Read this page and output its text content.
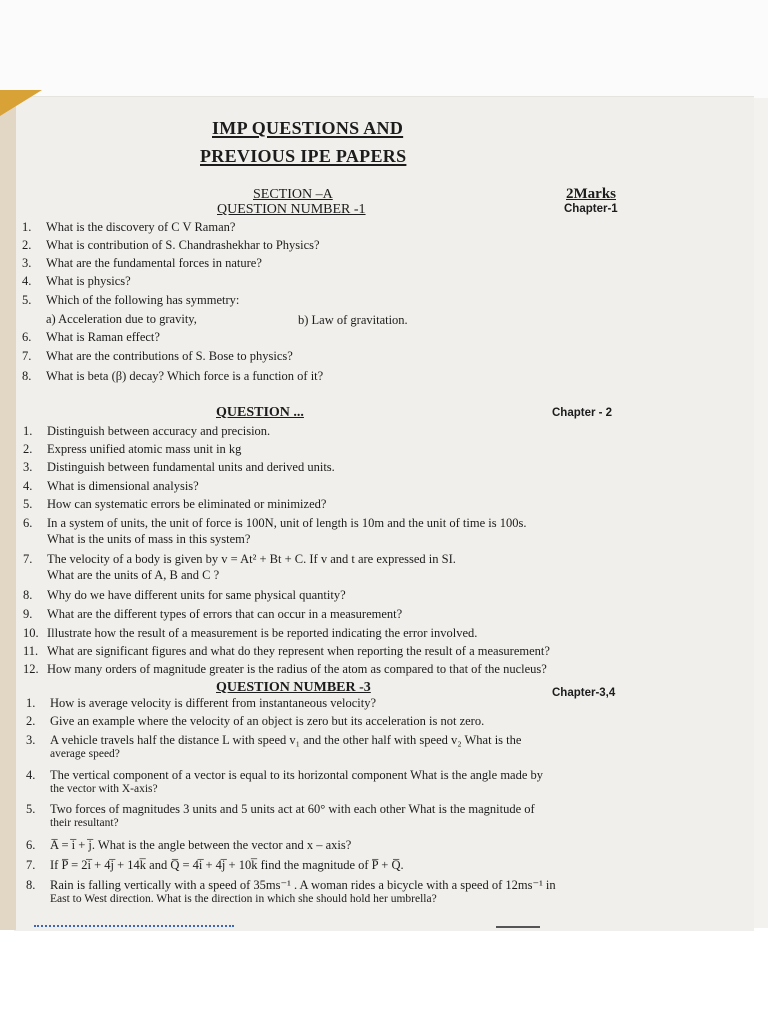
IMP QUESTIONS AND
PREVIOUS IPE PAPERS
SECTION –A	2Marks
QUESTION NUMBER -1	Chapter-1
1.	What is the discovery of C V Raman?
2.	What is contribution of S. Chandrashekhar to Physics?
3.	What are the fundamental forces in nature?
4.	What is physics?
5.	Which of the following has symmetry:
a) Acceleration due to gravity,	b) Law of gravitation.
6.	What is Raman effect?
7.	What are the contributions of S. Bose to physics?
8.	What is beta (β) decay? Which force is a function of it?
QUESTION ...	Chapter - 2
1.	Distinguish between accuracy and precision.
2.	Express unified atomic mass unit in kg
3.	Distinguish between fundamental units and derived units.
4.	What is dimensional analysis?
5.	How can systematic errors be eliminated or minimized?
6.	In a system of units, the unit of force is 100N, unit of length is 10m and the unit of time is 100s.
What is the units of mass in this system?
7.	The velocity of a body is given by v = At² + Bt + C. If v and t are expressed in SI.
What are the units of A, B and C ?
8.	Why do we have different units for same physical quantity?
9.	What are the different types of errors that can occur in a measurement?
10. Illustrate how the result of a measurement is be reported indicating the error involved.
11. What are significant figures and what do they represent when reporting the result of a measurement?
12. How many orders of magnitude greater is the radius of the atom as compared to that of the nucleus?
QUESTION NUMBER -3	Chapter-3,4
1.	How is average velocity is different from instantaneous velocity?
2.	Give an example where the velocity of an object is zero but its acceleration is not zero.
3.	A vehicle travels half the distance L with speed v₁ and the other half with speed v₂ What is the
average speed?
4.	The vertical component of a vector is equal to its horizontal component What is the angle made by
the vector with X-axis?
5.	Two forces of magnitudes 3 units and 5 units act at 60° with each other What is the magnitude of
their resultant?
6.	A̅ = i̅ + j̅. What is the angle between the vector and x – axis?
7.	If P̅ = 2i̅ + 4j̅ + 14k̅ and Q̅ = 4i̅ + 4j̅ + 10k̅ find the magnitude of P̅ + Q̅.
8.	Rain is falling vertically with a speed of 35ms⁻¹ . A woman rides a bicycle with a speed of 12ms⁻¹ in
East to West direction. What is the direction in which she should hold her umbrella?
